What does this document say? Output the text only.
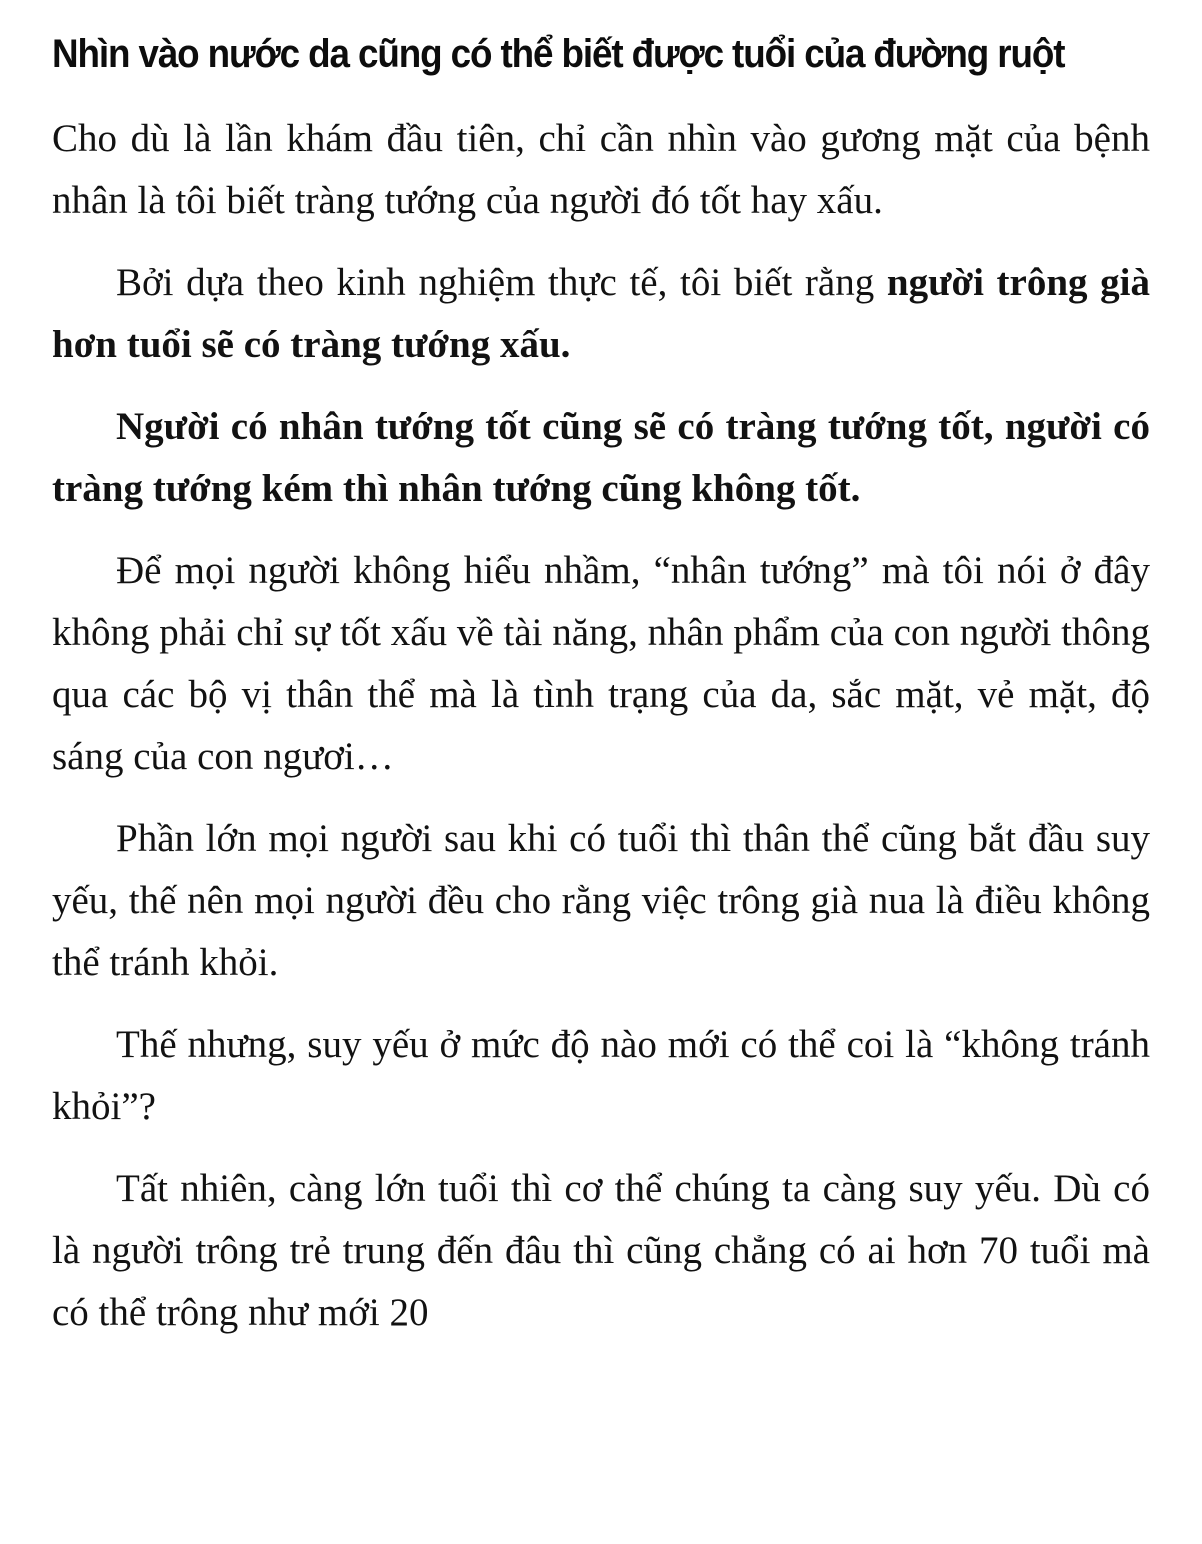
Nhìn vào nước da cũng có thể biết được tuổi của đường ruột

Cho dù là lần khám đầu tiên, chỉ cần nhìn vào gương mặt của bệnh nhân là tôi biết tràng tướng của người đó tốt hay xấu.

Bởi dựa theo kinh nghiệm thực tế, tôi biết rằng người trông già hơn tuổi sẽ có tràng tướng xấu.

Người có nhân tướng tốt cũng sẽ có tràng tướng tốt, người có tràng tướng kém thì nhân tướng cũng không tốt.

Để mọi người không hiểu nhầm, “nhân tướng” mà tôi nói ở đây không phải chỉ sự tốt xấu về tài năng, nhân phẩm của con người thông qua các bộ vị thân thể mà là tình trạng của da, sắc mặt, vẻ mặt, độ sáng của con ngươi…

Phần lớn mọi người sau khi có tuổi thì thân thể cũng bắt đầu suy yếu, thế nên mọi người đều cho rằng việc trông già nua là điều không thể tránh khỏi.

Thế nhưng, suy yếu ở mức độ nào mới có thể coi là “không tránh khỏi”?

Tất nhiên, càng lớn tuổi thì cơ thể chúng ta càng suy yếu. Dù có là người trông trẻ trung đến đâu thì cũng chẳng có ai hơn 70 tuổi mà có thể trông như mới 20
